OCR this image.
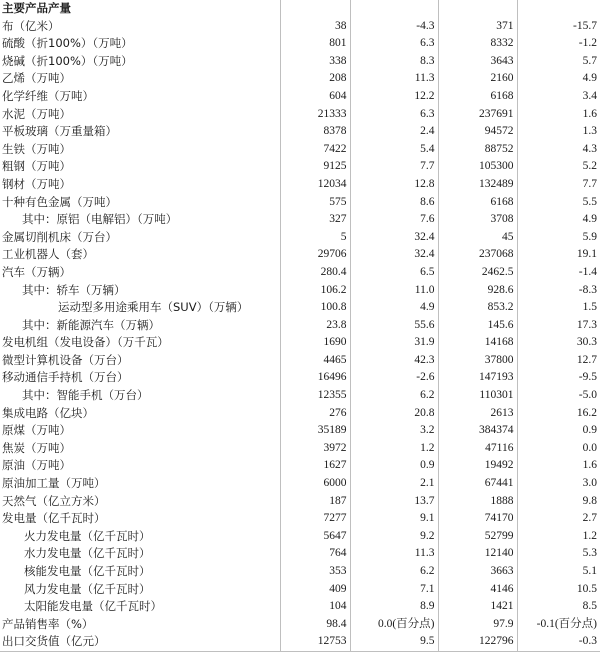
主要产品产量				
布（亿米）	38	-4.3	371	-15.7
硫酸（折100%）（万吨）	801	6.3	8332	-1.2
烧碱（折100%）（万吨）	338	8.3	3643	5.7
乙烯（万吨）	208	11.3	2160	4.9
化学纤维（万吨）	604	12.2	6168	3.4
水泥（万吨）	21333	6.3	237691	1.6
平板玻璃（万重量箱）	8378	2.4	94572	1.3
生铁（万吨）	7422	5.4	88752	4.3
粗钢（万吨）	9125	7.7	105300	5.2
钢材（万吨）	12034	12.8	132489	7.7
十种有色金属（万吨）	575	8.6	6168	5.5
其中：原铝（电解铝）（万吨）	327	7.6	3708	4.9
金属切削机床（万台）	5	32.4	45	5.9
工业机器人（套）	29706	32.4	237068	19.1
汽车（万辆）	280.4	6.5	2462.5	-1.4
其中：轿车（万辆）	106.2	11.0	928.6	-8.3
运动型多用途乘用车（SUV）（万辆）	100.8	4.9	853.2	1.5
其中：新能源汽车（万辆）	23.8	55.6	145.6	17.3
发电机组（发电设备）（万千瓦）	1690	31.9	14168	30.3
微型计算机设备（万台）	4465	42.3	37800	12.7
移动通信手持机（万台）	16496	-2.6	147193	-9.5
其中：智能手机（万台）	12355	6.2	110301	-5.0
集成电路（亿块）	276	20.8	2613	16.2
原煤（万吨）	35189	3.2	384374	0.9
焦炭（万吨）	3972	1.2	47116	0.0
原油（万吨）	1627	0.9	19492	1.6
原油加工量（万吨）	6000	2.1	67441	3.0
天然气（亿立方米）	187	13.7	1888	9.8
发电量（亿千瓦时）	7277	9.1	74170	2.7
火力发电量（亿千瓦时）	5647	9.2	52799	1.2
水力发电量（亿千瓦时）	764	11.3	12140	5.3
核能发电量（亿千瓦时）	353	6.2	3663	5.1
风力发电量（亿千瓦时）	409	7.1	4146	10.5
太阳能发电量（亿千瓦时）	104	8.9	1421	8.5
产品销售率（%）	98.4	0.0(百分点)	97.9	-0.1(百分点)
出口交货值（亿元）	12753	9.5	122796	-0.3
